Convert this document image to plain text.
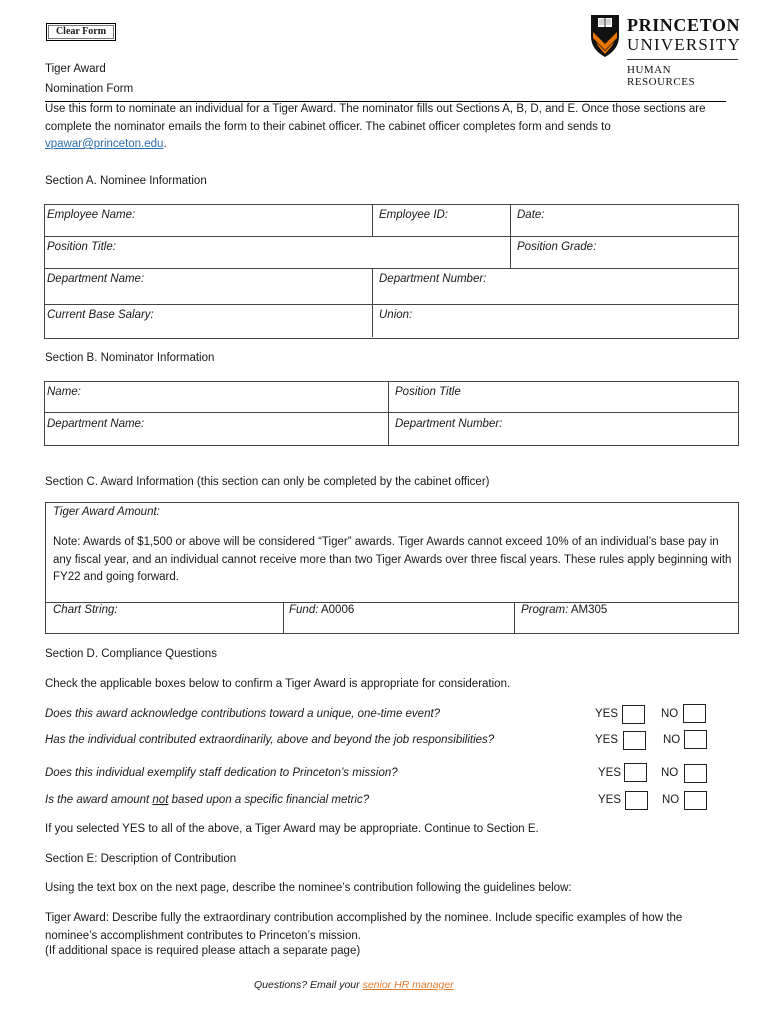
Clear Form	PRINCETON
UNIVERSITY
HUMAN RESOURCES
Tiger Award
Nomination Form
Use this form to nominate an individual for a Tiger Award. The nominator fills out Sections A, B, D, and E. Once those sections are complete the nominator emails the form to their cabinet officer. The cabinet officer completes form and sends to vpawar@princeton.edu.
Section A. Nominee Information
Employee Name:	Employee ID:	Date:
Position Title:	Position Grade:
Department Name:	Department Number:
Current Base Salary:	Union:
Section B. Nominator Information
Name:	Position Title
Department Name:	Department Number:
Section C. Award Information (this section can only be completed by the cabinet officer)
Tiger Award Amount:
Note: Awards of $1,500 or above will be considered “Tiger” awards. Tiger Awards cannot exceed 10% of an individual’s base pay in any fiscal year, and an individual cannot receive more than two Tiger Awards over three fiscal years. These rules apply beginning with FY22 and going forward.
Chart String:	Fund: A0006	Program: AM305
Section D. Compliance Questions
Check the applicable boxes below to confirm a Tiger Award is appropriate for consideration.
Does this award acknowledge contributions toward a unique, one-time event?	YES	NO
Has the individual contributed extraordinarily, above and beyond the job responsibilities?	YES	NO
Does this individual exemplify staff dedication to Princeton’s mission?	YES	NO
Is the award amount not based upon a specific financial metric?	YES	NO
If you selected YES to all of the above, a Tiger Award may be appropriate. Continue to Section E.
Section E: Description of Contribution
Using the text box on the next page, describe the nominee’s contribution following the guidelines below:
Tiger Award: Describe fully the extraordinary contribution accomplished by the nominee. Include specific examples of how the nominee’s accomplishment contributes to Princeton’s mission.
(If additional space is required please attach a separate page)
Questions? Email your senior HR manager
